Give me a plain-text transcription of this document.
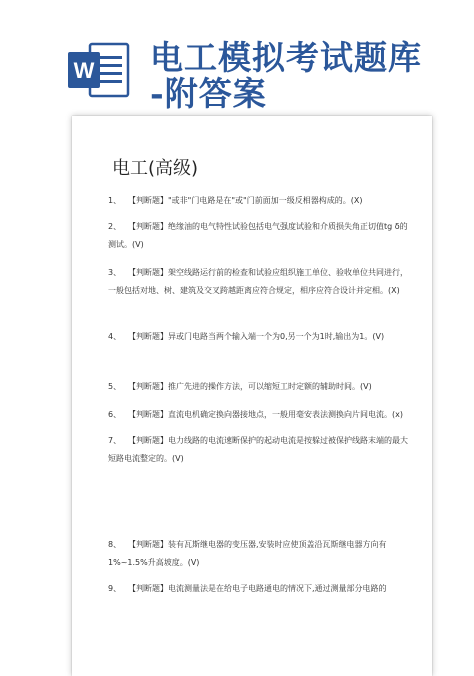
W 电工模拟考试题库
-附答案
电工(高级)
1、 【判断题】"或非"门电路是在"或"门前面加一级反相器构成的。(X)
2、 【判断题】绝缘油的电气特性试验包括电气强度试验和介质损失角正切值tg δ的测试。(V)
3、 【判断题】架空线路运行前的检查和试验应组织施工单位、验收单位共同进行，一般包括对地、树、建筑及交叉跨越距离应符合规定，相序应符合设计并定相。(X)
4、 【判断题】异或门电路当两个输入端一个为0,另一个为1时,输出为1。(V)
5、 【判断题】推广先进的操作方法，可以缩短工时定额的辅助时间。(V)
6、 【判断题】直流电机确定换向器接地点，一般用毫安表法测换向片间电流。(x)
7、 【判断题】电力线路的电流速断保护的起动电流是按躲过被保护线路末端的最大短路电流整定的。(V)
8、 【判断题】装有瓦斯继电器的变压器,安装时应使顶盖沿瓦斯继电器方向有1%~1.5%升高坡度。(V)
9、 【判断题】电流测量法是在给电子电路通电的情况下,通过测量部分电路的
